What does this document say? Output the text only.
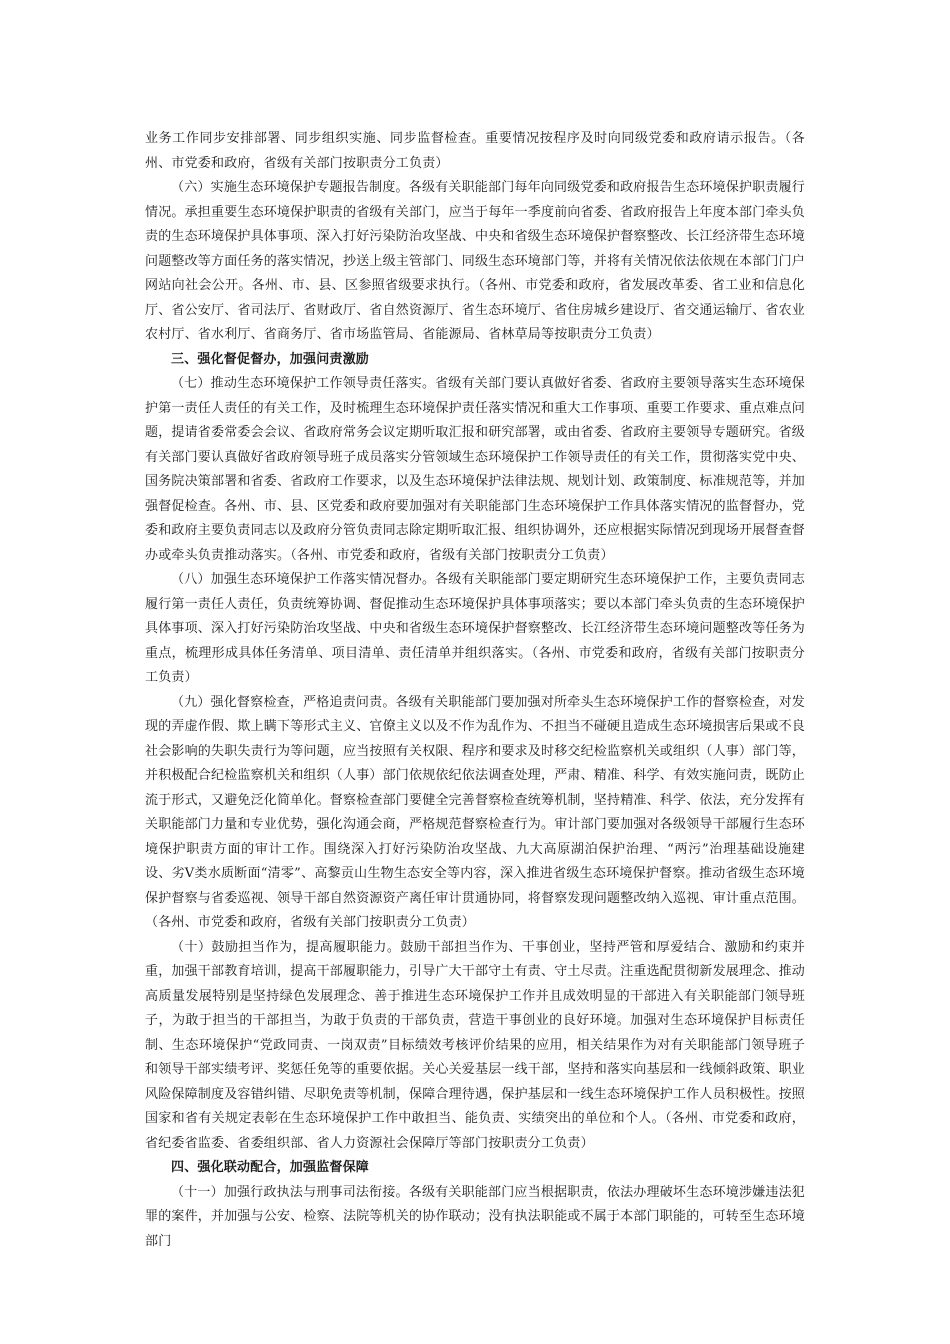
业务工作同步安排部署、同步组织实施、同步监督检查。重要情况按程序及时向同级党委和政府请示报告。（各州、市党委和政府，省级有关部门按职责分工负责）

（六）实施生态环境保护专题报告制度。各级有关职能部门每年向同级党委和政府报告生态环境保护职责履行情况。承担重要生态环境保护职责的省级有关部门，应当于每年一季度前向省委、省政府报告上年度本部门牵头负责的生态环境保护具体事项、深入打好污染防治攻坚战、中央和省级生态环境保护督察整改、长江经济带生态环境问题整改等方面任务的落实情况，抄送上级主管部门、同级生态环境部门等，并将有关情况依法依规在本部门门户网站向社会公开。各州、市、县、区参照省级要求执行。（各州、市党委和政府，省发展改革委、省工业和信息化厅、省公安厅、省司法厅、省财政厅、省自然资源厅、省生态环境厅、省住房城乡建设厅、省交通运输厅、省农业农村厅、省水利厅、省商务厅、省市场监管局、省能源局、省林草局等按职责分工负责）

三、强化督促督办，加强问责激励

（七）推动生态环境保护工作领导责任落实。省级有关部门要认真做好省委、省政府主要领导落实生态环境保护第一责任人责任的有关工作，及时梳理生态环境保护责任落实情况和重大工作事项、重要工作要求、重点难点问题，提请省委常委会会议、省政府常务会议定期听取汇报和研究部署，或由省委、省政府主要领导专题研究。省级有关部门要认真做好省政府领导班子成员落实分管领域生态环境保护工作领导责任的有关工作，贯彻落实党中央、国务院决策部署和省委、省政府工作要求，以及生态环境保护法律法规、规划计划、政策制度、标准规范等，并加强督促检查。各州、市、县、区党委和政府要加强对有关职能部门生态环境保护工作具体落实情况的监督督办，党委和政府主要负责同志以及政府分管负责同志除定期听取汇报、组织协调外，还应根据实际情况到现场开展督查督办或牵头负责推动落实。（各州、市党委和政府，省级有关部门按职责分工负责）

（八）加强生态环境保护工作落实情况督办。各级有关职能部门要定期研究生态环境保护工作，主要负责同志履行第一责任人责任，负责统筹协调、督促推动生态环境保护具体事项落实；要以本部门牵头负责的生态环境保护具体事项、深入打好污染防治攻坚战、中央和省级生态环境保护督察整改、长江经济带生态环境问题整改等任务为重点，梳理形成具体任务清单、项目清单、责任清单并组织落实。（各州、市党委和政府，省级有关部门按职责分工负责）

（九）强化督察检查，严格追责问责。各级有关职能部门要加强对所牵头生态环境保护工作的督察检查，对发现的弄虚作假、欺上瞒下等形式主义、官僚主义以及不作为乱作为、不担当不碰硬且造成生态环境损害后果或不良社会影响的失职失责行为等问题，应当按照有关权限、程序和要求及时移交纪检监察机关或组织（人事）部门等，并积极配合纪检监察机关和组织（人事）部门依规依纪依法调查处理，严肃、精准、科学、有效实施问责，既防止流于形式，又避免泛化简单化。督察检查部门要健全完善督察检查统筹机制，坚持精准、科学、依法，充分发挥有关职能部门力量和专业优势，强化沟通会商，严格规范督察检查行为。审计部门要加强对各级领导干部履行生态环境保护职责方面的审计工作。围绕深入打好污染防治攻坚战、九大高原湖泊保护治理、“两污”治理基础设施建设、劣Ⅴ类水质断面“清零”、高黎贡山生物生态安全等内容，深入推进省级生态环境保护督察。推动省级生态环境保护督察与省委巡视、领导干部自然资源资产离任审计贯通协同，将督察发现问题整改纳入巡视、审计重点范围。（各州、市党委和政府，省级有关部门按职责分工负责）

（十）鼓励担当作为，提高履职能力。鼓励干部担当作为、干事创业，坚持严管和厚爱结合、激励和约束并重，加强干部教育培训，提高干部履职能力，引导广大干部守土有责、守土尽责。注重选配贯彻新发展理念、推动高质量发展特别是坚持绿色发展理念、善于推进生态环境保护工作并且成效明显的干部进入有关职能部门领导班子，为敢于担当的干部担当，为敢于负责的干部负责，营造干事创业的良好环境。加强对生态环境保护目标责任制、生态环境保护“党政同责、一岗双责”目标绩效考核评价结果的应用，相关结果作为对有关职能部门领导班子和领导干部实绩考评、奖惩任免等的重要依据。关心关爱基层一线干部，坚持和落实向基层和一线倾斜政策、职业风险保障制度及容错纠错、尽职免责等机制，保障合理待遇，保护基层和一线生态环境保护工作人员积极性。按照国家和省有关规定表彰在生态环境保护工作中敢担当、能负责、实绩突出的单位和个人。（各州、市党委和政府，省纪委省监委、省委组织部、省人力资源社会保障厅等部门按职责分工负责）

四、强化联动配合，加强监督保障

（十一）加强行政执法与刑事司法衔接。各级有关职能部门应当根据职责，依法办理破坏生态环境涉嫌违法犯罪的案件，并加强与公安、检察、法院等机关的协作联动；没有执法职能或不属于本部门职能的，可转至生态环境部门
